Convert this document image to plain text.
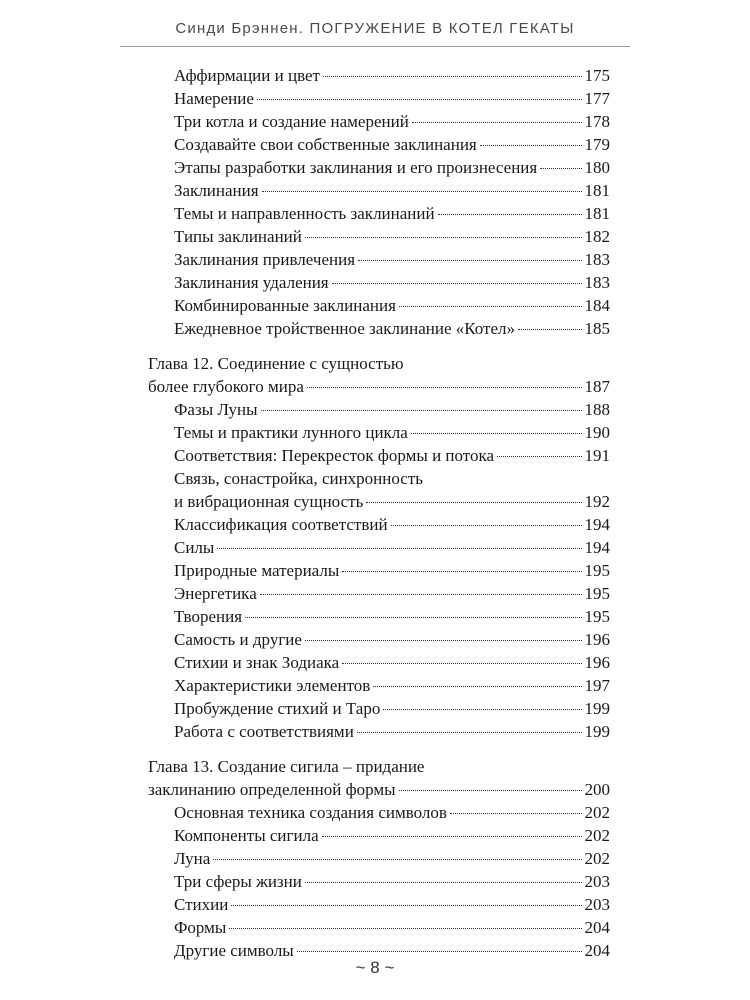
Синди Брэннен. ПОГРУЖЕНИЕ В КОТЕЛ ГЕКАТЫ
Аффирмации и цвет	175
Намерение	177
Три котла и создание намерений	178
Создавайте свои собственные заклинания	179
Этапы разработки заклинания и его произнесения	180
Заклинания	181
Темы и направленность заклинаний	181
Типы заклинаний	182
Заклинания привлечения	183
Заклинания удаления	183
Комбинированные заклинания	184
Ежедневное тройственное заклинание «Котел»	185
Глава 12. Соединение с сущностью
более глубокого мира	187
Фазы Луны	188
Темы и практики лунного цикла	190
Соответствия: Перекресток формы и потока	191
Связь, сонастройка, синхронность
и вибрационная сущность	192
Классификация соответствий	194
Силы	194
Природные материалы	195
Энергетика	195
Творения	195
Самость и другие	196
Стихии и знак Зодиака	196
Характеристики элементов	197
Пробуждение стихий и Таро	199
Работа с соответствиями	199
Глава 13. Создание сигила – придание
заклинанию определенной формы	200
Основная техника создания символов	202
Компоненты сигила	202
Луна	202
Три сферы жизни	203
Стихии	203
Формы	204
Другие символы	204
~ 8 ~
